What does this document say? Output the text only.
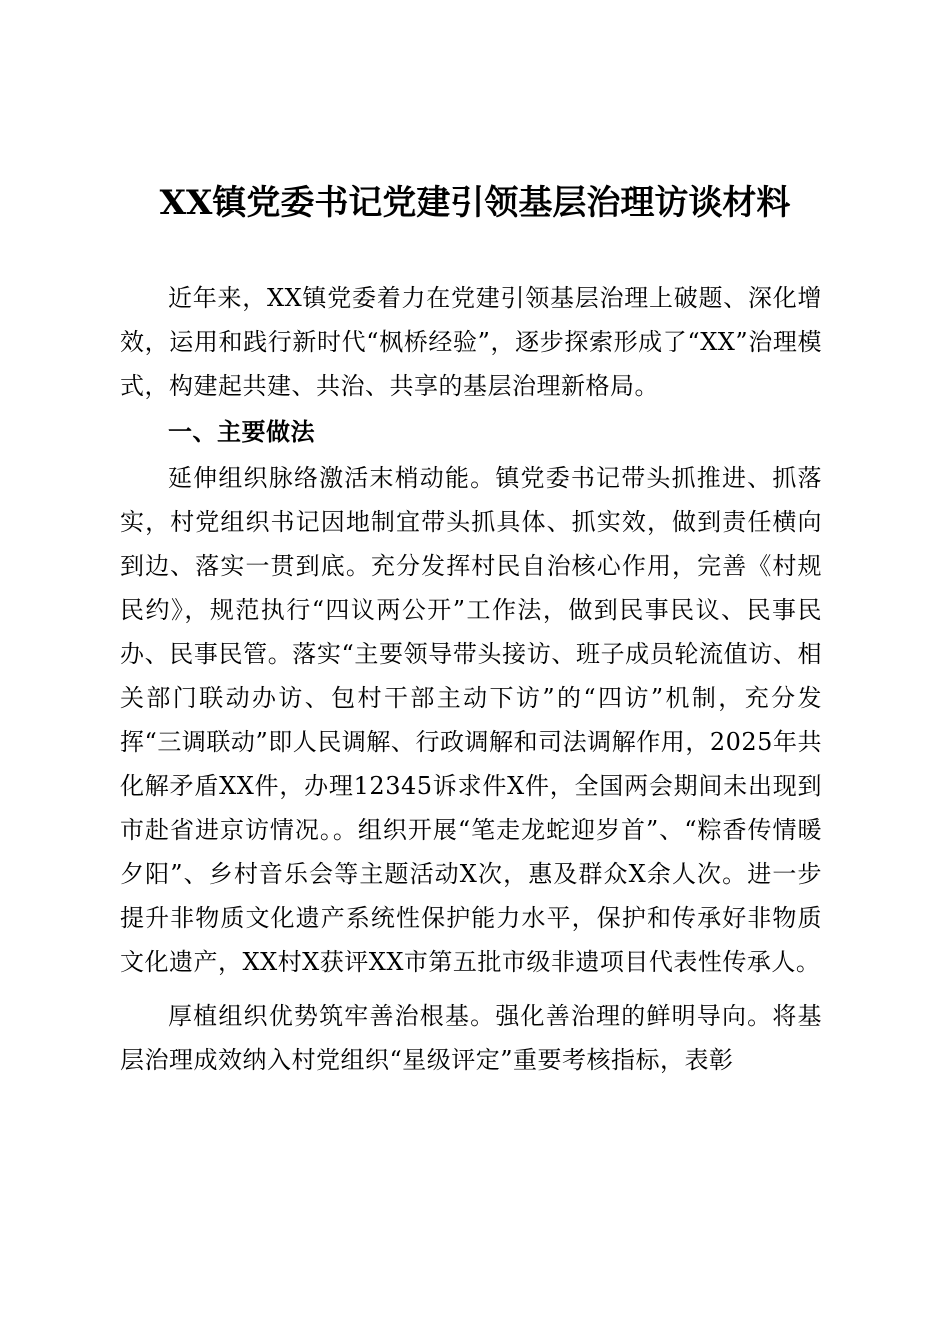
XX镇党委书记党建引领基层治理访谈材料

近年来，XX镇党委着力在党建引领基层治理上破题、深化增效，运用和践行新时代“枫桥经验”，逐步探索形成了“XX”治理模式，构建起共建、共治、共享的基层治理新格局。

一、主要做法

延伸组织脉络激活末梢动能。镇党委书记带头抓推进、抓落实，村党组织书记因地制宜带头抓具体、抓实效，做到责任横向到边、落实一贯到底。充分发挥村民自治核心作用，完善《村规民约》，规范执行“四议两公开”工作法，做到民事民议、民事民办、民事民管。落实“主要领导带头接访、班子成员轮流值访、相关部门联动办访、包村干部主动下访”的“四访”机制，充分发挥“三调联动”即人民调解、行政调解和司法调解作用，2025年共化解矛盾XX件，办理12345诉求件X件，全国两会期间未出现到市赴省进京访情况。。组织开展“笔走龙蛇迎岁首”、“粽香传情暖夕阳”、乡村音乐会等主题活动X次，惠及群众X余人次。进一步提升非物质文化遗产系统性保护能力水平，保护和传承好非物质文化遗产，XX村X获评XX市第五批市级非遗项目代表性传承人。

厚植组织优势筑牢善治根基。强化善治理的鲜明导向。将基层治理成效纳入村党组织“星级评定”重要考核指标，表彰
